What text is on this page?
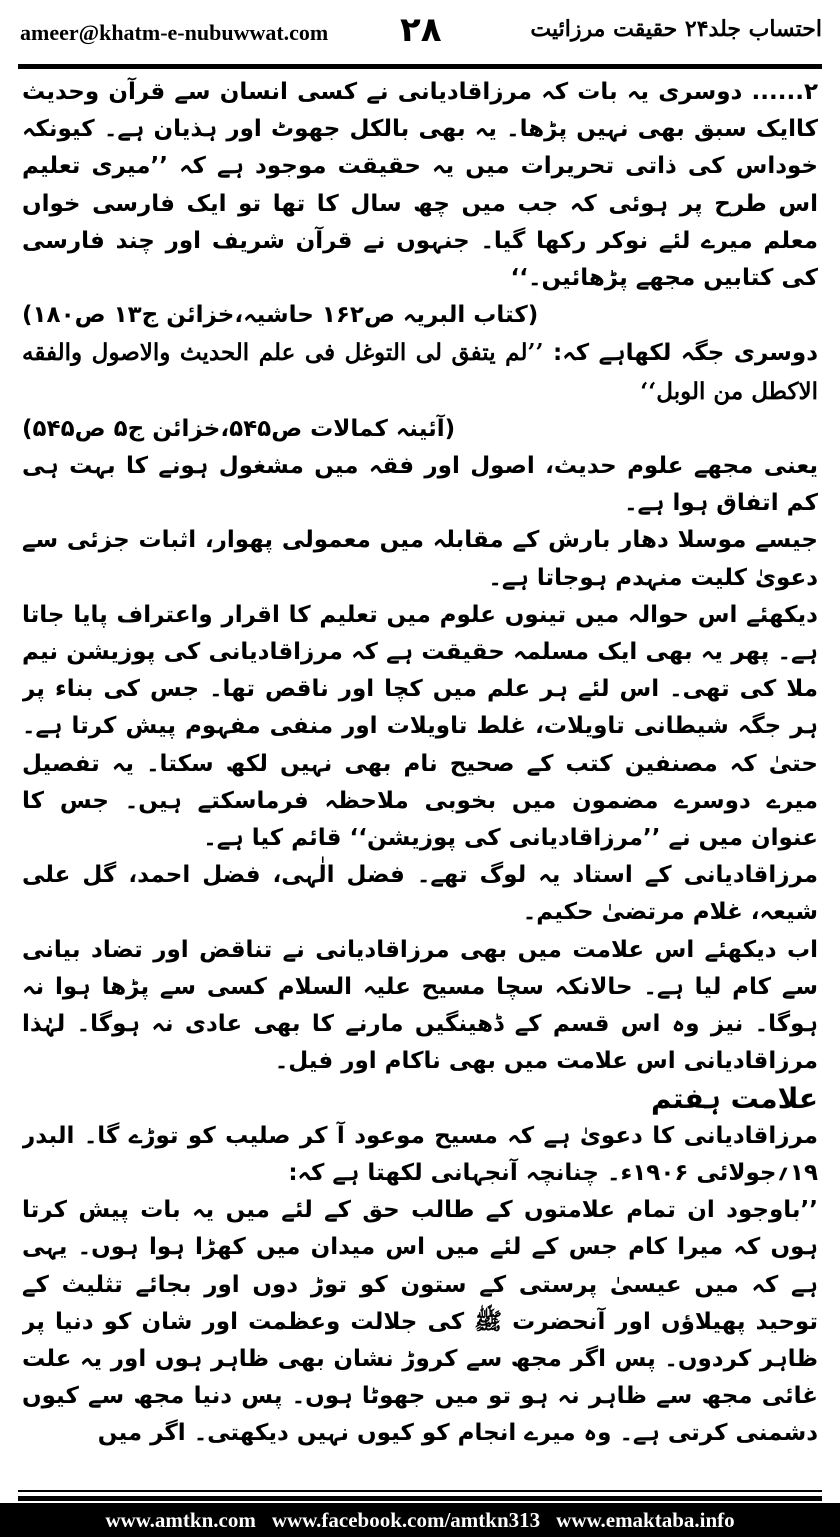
ameer@khatm-e-nubuwwat.com ۲۸	احتساب جلد۲۴ حقیقت مرزائیت

۲...... دوسری یہ بات کہ مرزاقادیانی نے کسی انسان سے قرآن وحدیث کاایک سبق بھی نہیں پڑھا۔ یہ بھی بالکل جھوٹ اور ہذیان ہے۔ کیونکہ خوداس کی ذاتی تحریرات میں یہ حقیقت موجود ہے کہ ’’میری تعلیم اس طرح پر ہوئی کہ جب میں چھ سال کا تھا تو ایک فارسی خواں معلم میرے لئے نوکر رکھا گیا۔ جنہوں نے قرآن شریف اور چند فارسی کی کتابیں مجھے پڑھائیں۔‘‘

(کتاب البریہ ص۱۶۲ حاشیہ،خزائن ج۱۳ ص۱۸۰)

دوسری جگہ لکھاہے کہ: ’’لم یتفق لی التوغل فی علم الحدیث والاصول والفقه الاکطل من الوبل‘‘

(آئینہ کمالات ص۵۴۵،خزائن ج۵ ص۵۴۵)

یعنی مجھے علوم حدیث، اصول اور فقہ میں مشغول ہونے کا بہت ہی کم اتفاق ہوا ہے۔

جیسے موسلا دھار بارش کے مقابلہ میں معمولی پھوار، اثبات جزئی سے دعویٰ کلیت منہدم ہوجاتا ہے۔

دیکھئے اس حوالہ میں تینوں علوم میں تعلیم کا اقرار واعتراف پایا جاتا ہے۔ پھر یہ بھی ایک مسلمہ حقیقت ہے کہ مرزاقادیانی کی پوزیشن نیم ملا کی تھی۔ اس لئے ہر علم میں کچا اور ناقص تھا۔ جس کی بناء پر ہر جگہ شیطانی تاویلات، غلط تاویلات اور منفی مفہوم پیش کرتا ہے۔ حتیٰ کہ مصنفین کتب کے صحیح نام بھی نہیں لکھ سکتا۔ یہ تفصیل میرے دوسرے مضمون میں بخوبی ملاحظہ فرماسکتے ہیں۔ جس کا عنوان میں نے ’’مرزاقادیانی کی پوزیشن‘‘ قائم کیا ہے۔

مرزاقادیانی کے استاد یہ لوگ تھے۔ فضل الٰہی، فضل احمد، گل علی شیعہ، غلام مرتضیٰ حکیم۔

اب دیکھئے اس علامت میں بھی مرزاقادیانی نے تناقض اور تضاد بیانی سے کام لیا ہے۔ حالانکہ سچا مسیح علیہ السلام کسی سے پڑھا ہوا نہ ہوگا۔ نیز وہ اس قسم کے ڈھینگیں مارنے کا بھی عادی نہ ہوگا۔ لہٰذا مرزاقادیانی اس علامت میں بھی ناکام اور فیل۔

علامت ہفتم

مرزاقادیانی کا دعویٰ ہے کہ مسیح موعود آ کر صلیب کو توڑے گا۔ البدر ۱۹؍جولائی ۱۹۰۶ء۔ چنانچہ آنجہانی لکھتا ہے کہ:

’’باوجود ان تمام علامتوں کے طالب حق کے لئے میں یہ بات پیش کرتا ہوں کہ میرا کام جس کے لئے میں اس میدان میں کھڑا ہوا ہوں۔ یہی ہے کہ میں عیسیٰ پرستی کے ستون کو توڑ دوں اور بجائے تثلیث کے توحید پھیلاؤں اور آنحضرت ﷺ کی جلالت وعظمت اور شان کو دنیا پر ظاہر کردوں۔ پس اگر مجھ سے کروڑ نشان بھی ظاہر ہوں اور یہ علت غائی مجھ سے ظاہر نہ ہو تو میں جھوٹا ہوں۔ پس دنیا مجھ سے کیوں دشمنی کرتی ہے۔ وہ میرے انجام کو کیوں نہیں دیکھتی۔ اگر میں

www.amtkn.com www.facebook.com/amtkn313 www.emaktaba.info
